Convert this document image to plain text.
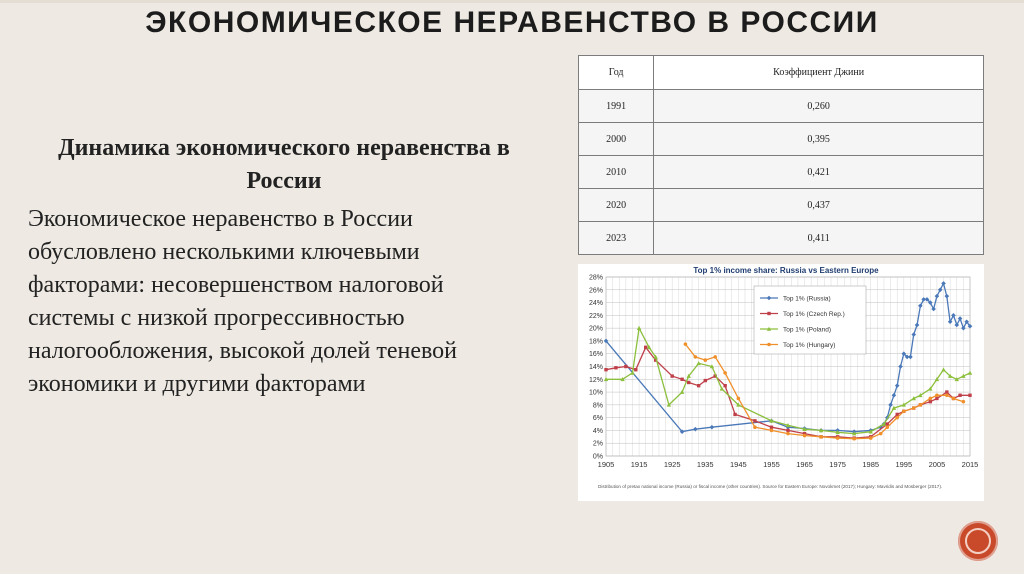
ЭКОНОМИЧЕСКОЕ НЕРАВЕНСТВО В РОССИИ
Динамика экономического неравенства в России
Экономическое неравенство в России обусловлено несколькими ключевыми факторами: несовершенством налоговой системы с низкой прогрессивностью налогообложения, высокой долей теневой экономики и другими факторами
Год	Коэффициент Джини
1991	0,260
2000	0,395
2010	0,421
2020	0,437
2023	0,411
Top 1% income share: Russia vs Eastern Europe
0%
2%
4%
6%
8%
10%
12%
14%
16%
18%
20%
22%
24%
26%
28%
1905 1915 1925 1935 1945 1955 1965 1975 1985 1995 2005 2015
Top 1% (Russia)
Top 1% (Czech Rep.)
Top 1% (Poland)
Top 1% (Hungary)
Distribution of pretax national income (Russia) or fiscal income (other countries). Source for Eastern Europe: Novokmet (2017); Hungary: Mavridis and Mosberger (2017).
